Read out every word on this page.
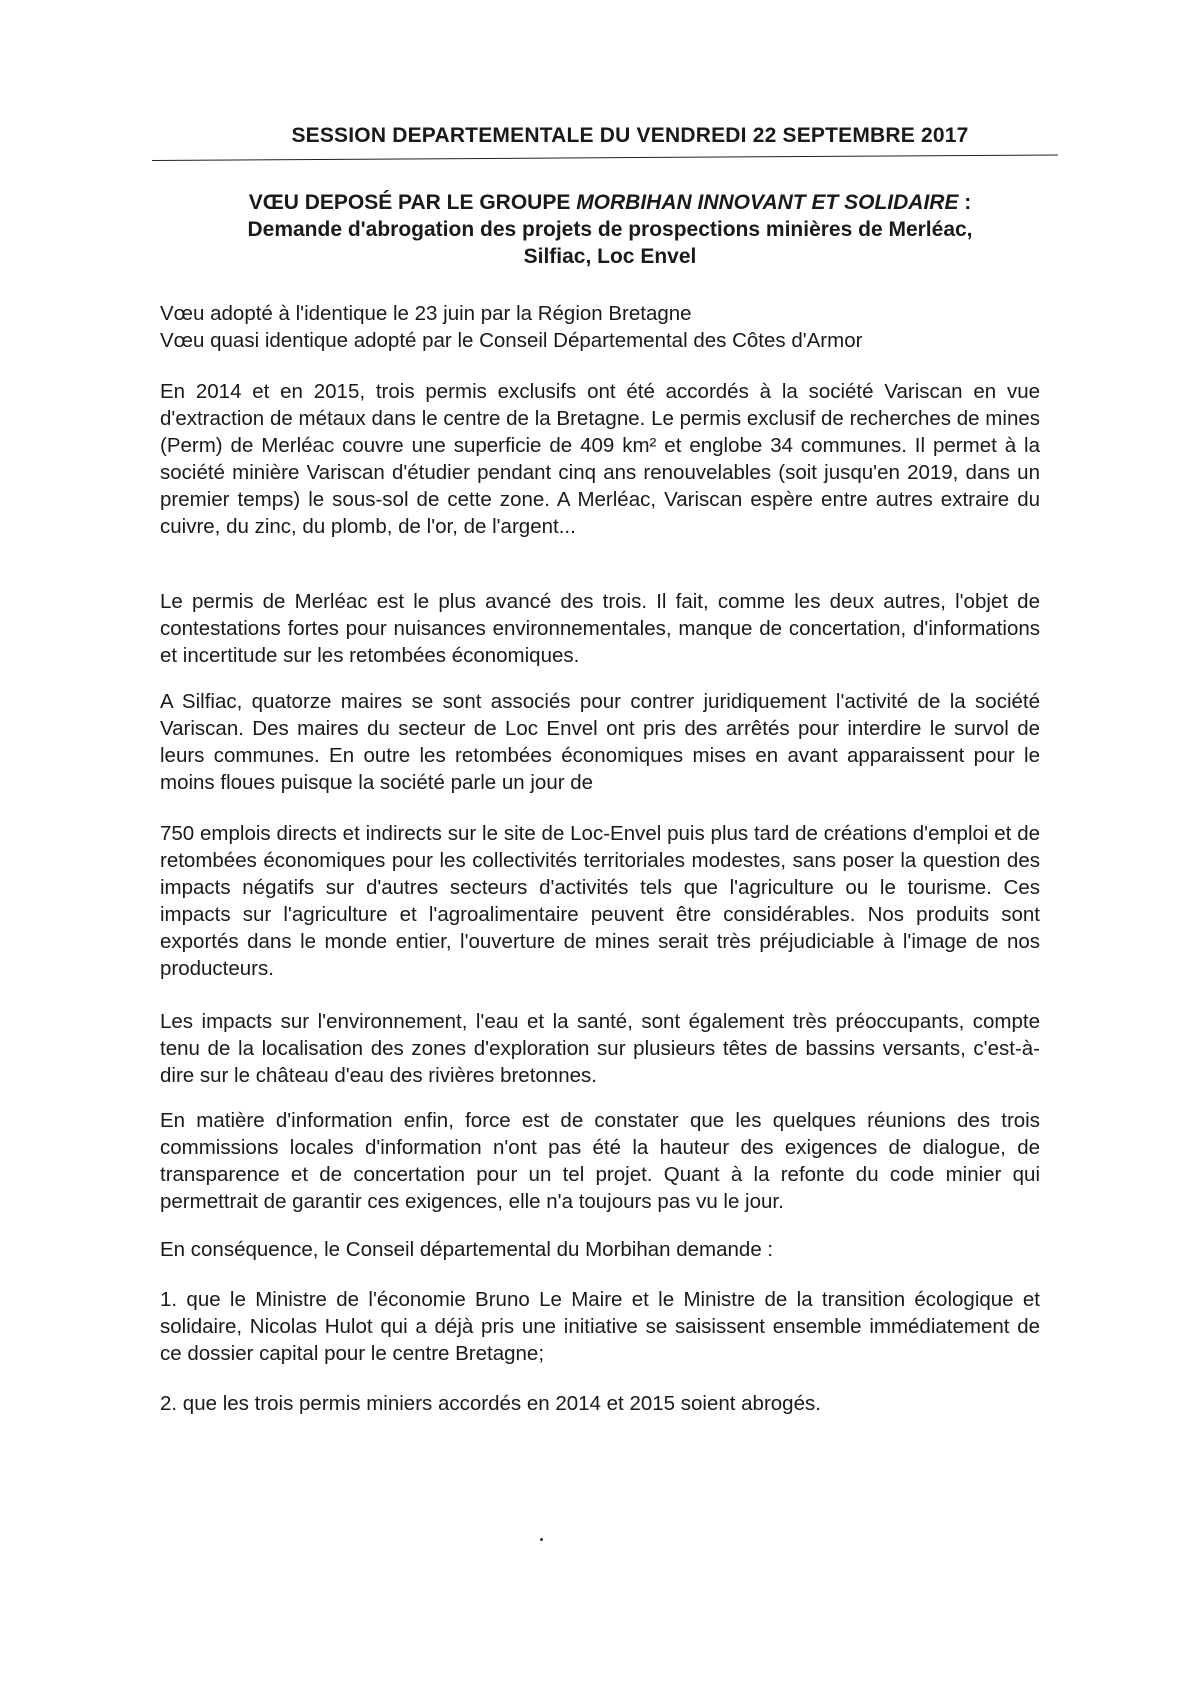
SESSION DEPARTEMENTALE DU VENDREDI 22 SEPTEMBRE 2017
VŒU DEPOSÉ PAR LE GROUPE MORBIHAN INNOVANT ET SOLIDAIRE :
Demande d'abrogation des projets de prospections minières de Merléac,
Silfiac, Loc Envel

Vœu adopté à l'identique le 23 juin par la Région Bretagne

Vœu quasi identique adopté par le Conseil Départemental des Côtes d'Armor

En 2014 et en 2015, trois permis exclusifs ont été accordés à la société Variscan en vue d'extraction de métaux dans le centre de la Bretagne. Le permis exclusif de recherches de mines (Perm) de Merléac couvre une superficie de 409 km² et englobe 34 communes. Il permet à la société minière Variscan d'étudier pendant cinq ans renouvelables (soit jusqu'en 2019, dans un premier temps) le sous-sol de cette zone. A Merléac, Variscan espère entre autres extraire du cuivre, du zinc, du plomb, de l'or, de l'argent...

Le permis de Merléac est le plus avancé des trois. Il fait, comme les deux autres, l'objet de contestations fortes pour nuisances environnementales, manque de concertation, d'informations et incertitude sur les retombées économiques.

A Silfiac, quatorze maires se sont associés pour contrer juridiquement l'activité de la société Variscan. Des maires du secteur de Loc Envel ont pris des arrêtés pour interdire le survol de leurs communes. En outre les retombées économiques mises en avant apparaissent pour le moins floues puisque la société parle un jour de

750 emplois directs et indirects sur le site de Loc-Envel puis plus tard de créations d'emploi et de retombées économiques pour les collectivités territoriales modestes, sans poser la question des impacts négatifs sur d'autres secteurs d'activités tels que l'agriculture ou le tourisme. Ces impacts sur l'agriculture et l'agroalimentaire peuvent être considérables. Nos produits sont exportés dans le monde entier, l'ouverture de mines serait très préjudiciable à l'image de nos producteurs.

Les impacts sur l'environnement, l'eau et la santé, sont également très préoccupants, compte tenu de la localisation des zones d'exploration sur plusieurs têtes de bassins versants, c'est-à-dire sur le château d'eau des rivières bretonnes.

En matière d'information enfin, force est de constater que les quelques réunions des trois commissions locales d'information n'ont pas été la hauteur des exigences de dialogue, de transparence et de concertation pour un tel projet. Quant à la refonte du code minier qui permettrait de garantir ces exigences, elle n'a toujours pas vu le jour.

En conséquence, le Conseil départemental du Morbihan demande :

1. que le Ministre de l'économie Bruno Le Maire et le Ministre de la transition écologique et solidaire, Nicolas Hulot qui a déjà pris une initiative se saisissent ensemble immédiatement de ce dossier capital pour le centre Bretagne;

2. que les trois permis miniers accordés en 2014 et 2015 soient abrogés.
